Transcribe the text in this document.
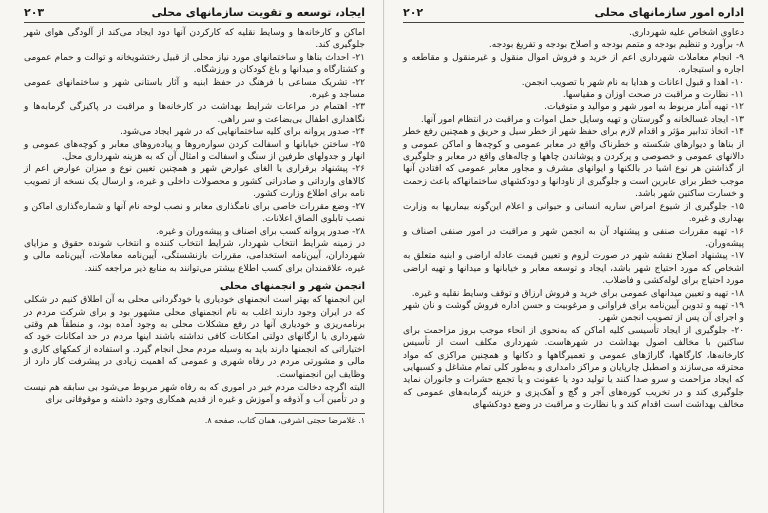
۲۰۳	ایجاد، توسعه و تقویت سازمانهای محلی

اماکن و کارخانه‌ها و وسایط نقلیه که کارکردن آنها دود ایجاد می‌کند از آلودگی هوای شهر جلوگیری کند.

۲۱- احداث بناها و ساختمانهای مورد نیاز محلی از قبیل رختشویخانه و توالت و حمام عمومی و کشتارگاه و میدانها و باغ کودکان و ورزشگاه.

۲۲- تشریک مساعی با فرهنگ در حفظ ابنیه و آثار باستانی شهر و ساختمانهای عمومی مساجد و غیره.

۲۳- اهتمام در مراعات شرایط بهداشت در کارخانه‌ها و مراقبت در پاکیزگی گرمابه‌ها و نگاهداری اطفال بی‌بضاعت و سر راهی.

۲۴- صدور پروانه برای کلیه ساختمانهایی که در شهر ایجاد می‌شود.

۲۵- ساختن خیابانها و اسفالت کردن سواره‌روها و پیاده‌روهای معابر و کوچه‌های عمومی و انهار و جدولهای طرفین از سنگ و اسفالت و امثال آن که به هزینه شهرداری محل.

۲۶- پیشنهاد برقراری یا الغای عوارض شهر و همچنین تعیین نوع و میزان عوارض اعم از کالاهای وارداتی و صادراتی کشور و محصولات داخلی و غیره، و ارسال یک نسخه از تصویب نامه برای اطلاع وزارت کشور.

۲۷- وضع مقررات خاصی برای نامگذاری معابر و نصب لوحه نام آنها و شماره‌گذاری اماکن و نصب تابلوی الصاق اعلانات.

۲۸- صدور پروانه کسب برای اصناف و پیشه‌وران و غیره.

در زمینه شرایط انتخاب شهردار، شرایط انتخاب کننده و انتخاب شونده حقوق و مزایای شهرداران، آیین‌نامه استخدامی، مقررات بازنشستگی، آیین‌نامه معاملات، آیین‌نامه مالی و غیره، علاقمندان برای کسب اطلاع بیشتر می‌توانند به منابع ذیر مراجعه کنند.

انجمن شهر و انجمنهای محلی

این انجمنها که بهتر است انجمنهای خودیاری یا خودگردانی محلی به آن اطلاق کنیم در شکلی که در ایران وجود دارند اغلب به نام انجمنهای محلی مشهور بود و برای شرکت مردم در برنامه‌ریزی و خودیاری آنها در رفع مشکلات محلی به وجود آمده بود، و منطقاً هم وقتی شهرداری یا ارگانهای دولتی امکانات کافی نداشته باشند اینها مردم در حد امکانات خود که اختیاراتی که انجمنها دارند باید به وسیله مردم محل انجام گیرد. و استفاده از کمکهای کاری و مالی و مشورتی مردم در رفاه شهری و عمومی که اهمیت زیادی در پیشرفت کار دارد از وظایف این انجمنهاست.

البته اگرچه دخالت مردم خیر در اموری که به رفاه شهر مربوط می‌شود بی سابقه هم نیست و در تأمین آب و آذوقه و آموزش و غیره از قدیم همکاری وجود داشته و موقوفاتی برای

۱. غلامرضا حجتی اشرفی، همان کتاب، صفحه ۸.
۲۰۲	اداره امور سازمانهای محلی

دعاوی اشخاص علیه شهرداری.

۸- برآورد و تنظیم بودجه و متمم بودجه و اصلاح بودجه و تفریغ بودجه.

۹- انجام معاملات شهرداری اعم از خرید و فروش اموال منقول و غیرمنقول و مقاطعه و اجاره و استیجاره.

۱۰- اهدا و قبول اعانات و هدایا به نام شهر با تصویب انجمن.

۱۱- نظارت و مراقبت در صحت اوزان و مقیاسها.

۱۲- تهیه آمار مربوط به امور شهر و موالید و متوفیات.

۱۳- ایجاد غسالخانه و گورستان و تهیه وسایل حمل اموات و مراقبت در انتظام امور آنها.

۱۴- اتخاذ تدابیر مؤثر و اقدام لازم برای حفظ شهر از خطر سیل و حریق و همچنین رفع خطر از بناها و دیوارهای شکسته و خطرناک واقع در معابر عمومی و کوچه‌ها و اماکن عمومی و دالانهای عمومی و خصوصی و پرکردن و پوشاندن چاهها و چاله‌های واقع در معابر و جلوگیری از گذاشتن هر نوع اشیا در بالکنها و ایوانهای مشرف و مجاور معابر عمومی که افتادن آنها موجب خطر برای عابرین است و جلوگیری از ناودانها و دودکشهای ساختمانهاکه باعث زحمت و خسارت ساکنین شهر باشد.

۱۵- جلوگیری از شیوع امراض ساریه انسانی و حیوانی و اعلام این‌گونه بیماریها به وزارت بهداری و غیره.

۱۶- تهیه مقررات صنفی و پیشنهاد آن به انجمن شهر و مراقبت در امور صنفی اصناف و پیشه‌وران.

۱۷- پیشنهاد اصلاح نقشه شهر در صورت لزوم و تعیین قیمت عادله اراضی و ابنیه متعلق به اشخاص که مورد احتیاج شهر باشد، ایجاد و توسعه معابر و خیابانها و میدانها و تهیه اراضی مورد احتیاج برای لوله‌کشی و فاضلاب.

۱۸- تهیه و تعیین میدانهای عمومی برای خرید و فروش ارزاق و توقف وسایط نقلیه و غیره.

۱۹- تهیه و تدوین آیین‌نامه برای فراوانی و مرغوبیت و حسن اداره فروش گوشت و نان شهر و اجرای آن پس از تصویب انجمن شهر.

۲۰- جلوگیری از ایجاد تأسیسی کلیه اماکن که به‌نحوی از انحاء موجب بروز مزاحمت برای ساکنین با مخالف اصول بهداشت در شهرهاست. شهرداری مکلف است از تأسیس کارخانه‌ها، کارگاهها، گاراژهای عمومی و تعمیرگاهها و دکانها و همچنین مراکزی که مواد محترقه می‌سازند و اصطبل چارپایان و مراکز دامداری و به‌طور کلی تمام مشاغل و کسبهایی که ایجاد مزاحمت و سرو صدا کنند یا تولید دود یا عفونت و یا تجمع حشرات و جانوران نماید جلوگیری کند و در تخریب کوره‌های آجر و گچ و آهک‌پزی و خزینه گرمابه‌های عمومی که مخالف بهداشت است اقدام کند و با نظارت و مراقبت در وضع دودکشهای
